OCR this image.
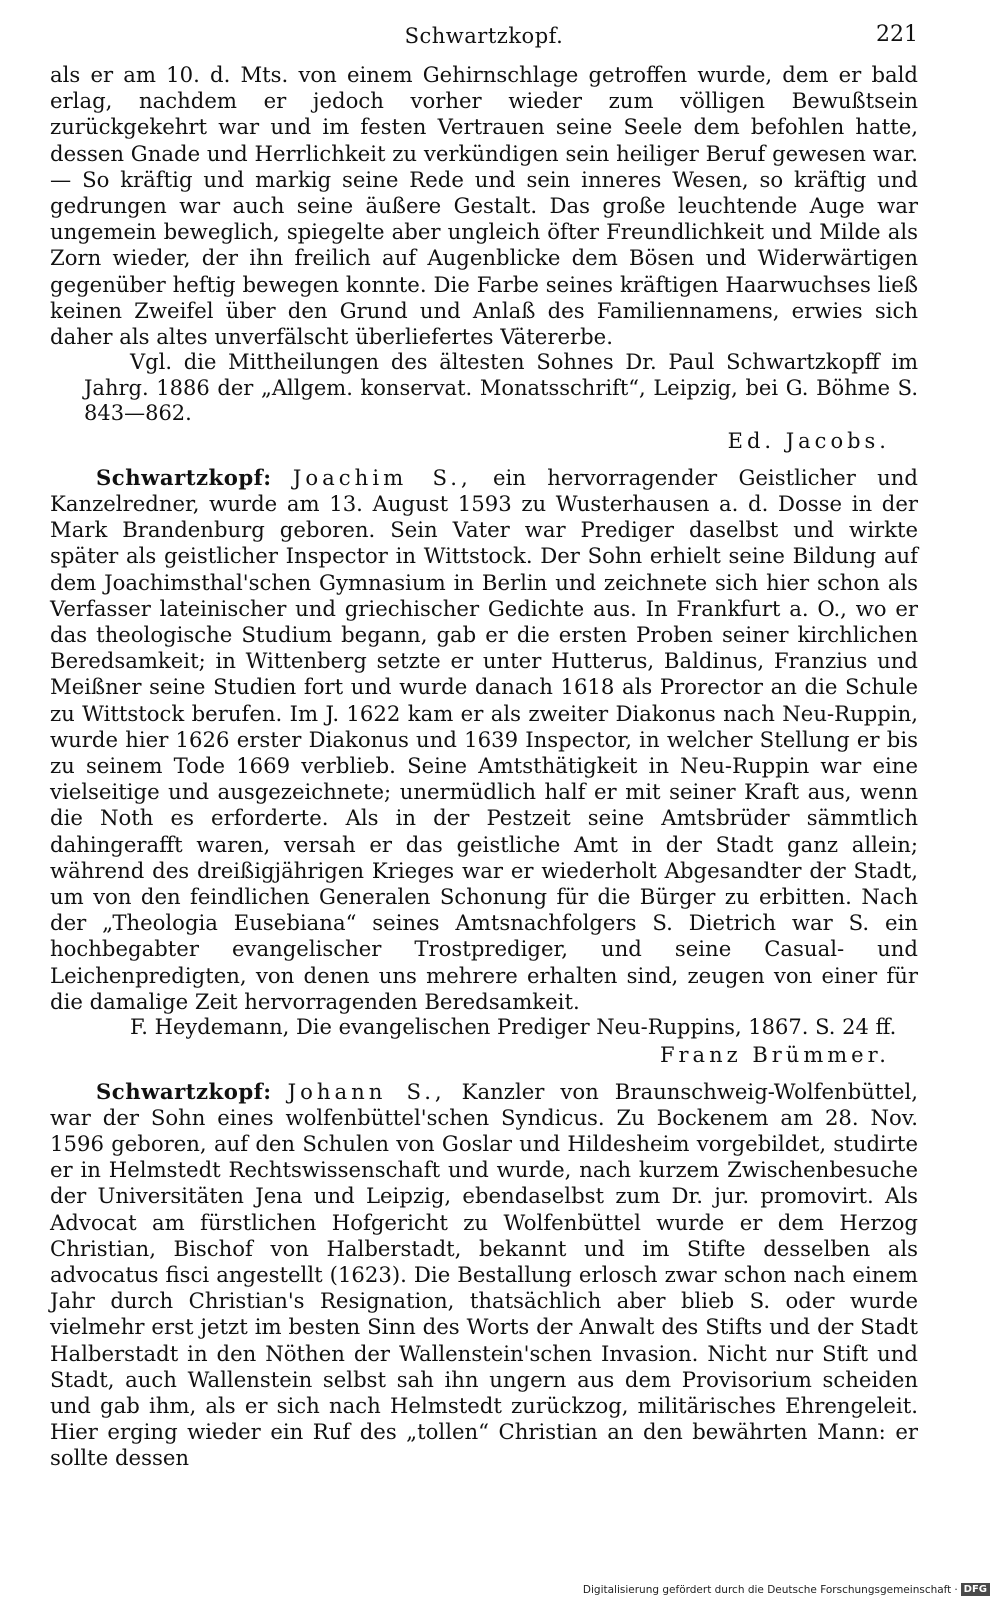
Schwartzkopf.	221

als er am 10. d. Mts. von einem Gehirnschlage getroffen wurde, dem er bald erlag, nachdem er jedoch vorher wieder zum völligen Bewußtsein zurückgekehrt war und im festen Vertrauen seine Seele dem befohlen hatte, dessen Gnade und Herrlichkeit zu verkündigen sein heiliger Beruf gewesen war. — So kräftig und markig seine Rede und sein inneres Wesen, so kräftig und gedrungen war auch seine äußere Gestalt. Das große leuchtende Auge war ungemein beweglich, spiegelte aber ungleich öfter Freundlichkeit und Milde als Zorn wieder, der ihn freilich auf Augenblicke dem Bösen und Widerwärtigen gegenüber heftig bewegen konnte. Die Farbe seines kräftigen Haarwuchses ließ keinen Zweifel über den Grund und Anlaß des Familiennamens, erwies sich daher als altes unverfälscht überliefertes Vätererbe.

Vgl. die Mittheilungen des ältesten Sohnes Dr. Paul Schwartzkopff im Jahrg. 1886 der „Allgem. konservat. Monatsschrift“, Leipzig, bei G. Böhme S. 843—862.

Ed. Jacobs.

Schwartzkopf: Joachim S., ein hervorragender Geistlicher und Kanzelredner, wurde am 13. August 1593 zu Wusterhausen a. d. Dosse in der Mark Brandenburg geboren. Sein Vater war Prediger daselbst und wirkte später als geistlicher Inspector in Wittstock. Der Sohn erhielt seine Bildung auf dem Joachimsthal'schen Gymnasium in Berlin und zeichnete sich hier schon als Verfasser lateinischer und griechischer Gedichte aus. In Frankfurt a. O., wo er das theologische Studium begann, gab er die ersten Proben seiner kirchlichen Beredsamkeit; in Wittenberg setzte er unter Hutterus, Baldinus, Franzius und Meißner seine Studien fort und wurde danach 1618 als Prorector an die Schule zu Wittstock berufen. Im J. 1622 kam er als zweiter Diakonus nach Neu-Ruppin, wurde hier 1626 erster Diakonus und 1639 Inspector, in welcher Stellung er bis zu seinem Tode 1669 verblieb. Seine Amtsthätigkeit in Neu-Ruppin war eine vielseitige und ausgezeichnete; unermüdlich half er mit seiner Kraft aus, wenn die Noth es erforderte. Als in der Pestzeit seine Amtsbrüder sämmtlich dahingerafft waren, versah er das geistliche Amt in der Stadt ganz allein; während des dreißigjährigen Krieges war er wiederholt Abgesandter der Stadt, um von den feindlichen Generalen Schonung für die Bürger zu erbitten. Nach der „Theologia Eusebiana“ seines Amtsnachfolgers S. Dietrich war S. ein hochbegabter evangelischer Trostprediger, und seine Casual- und Leichenpredigten, von denen uns mehrere erhalten sind, zeugen von einer für die damalige Zeit hervorragenden Beredsamkeit.

F. Heydemann, Die evangelischen Prediger Neu-Ruppins, 1867. S. 24 ff.

Franz Brümmer.

Schwartzkopf: Johann S., Kanzler von Braunschweig-Wolfenbüttel, war der Sohn eines wolfenbüttel'schen Syndicus. Zu Bockenem am 28. Nov. 1596 geboren, auf den Schulen von Goslar und Hildesheim vorgebildet, studirte er in Helmstedt Rechtswissenschaft und wurde, nach kurzem Zwischenbesuche der Universitäten Jena und Leipzig, ebendaselbst zum Dr. jur. promovirt. Als Advocat am fürstlichen Hofgericht zu Wolfenbüttel wurde er dem Herzog Christian, Bischof von Halberstadt, bekannt und im Stifte desselben als advocatus fisci angestellt (1623). Die Bestallung erlosch zwar schon nach einem Jahr durch Christian's Resignation, thatsächlich aber blieb S. oder wurde vielmehr erst jetzt im besten Sinn des Worts der Anwalt des Stifts und der Stadt Halberstadt in den Nöthen der Wallenstein'schen Invasion. Nicht nur Stift und Stadt, auch Wallenstein selbst sah ihn ungern aus dem Provisorium scheiden und gab ihm, als er sich nach Helmstedt zurückzog, militärisches Ehrengeleit. Hier erging wieder ein Ruf des „tollen“ Christian an den bewährten Mann: er sollte dessen

Digitalisierung gefördert durch die Deutsche Forschungsgemeinschaft · DFG
